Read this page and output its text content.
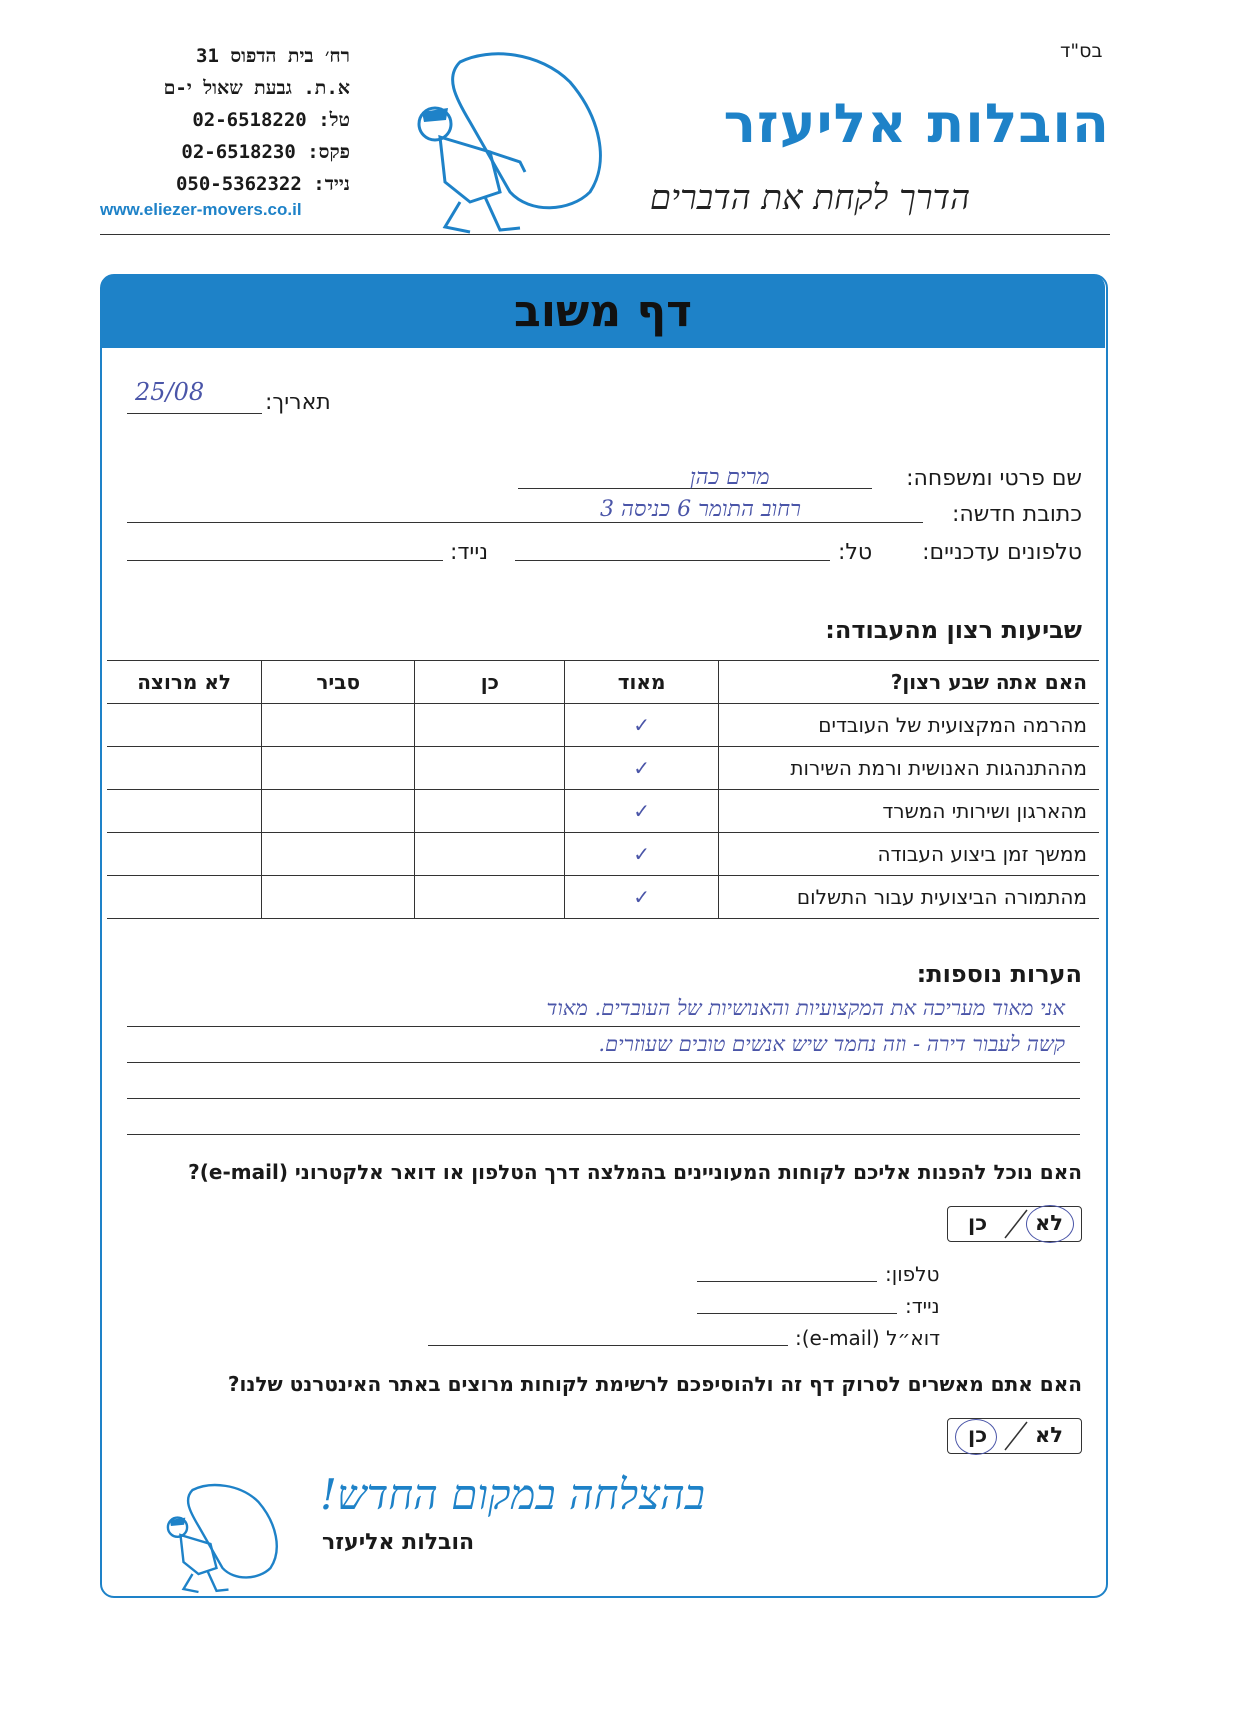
בס"ד
הובלות אליעזר
הדרך לקחת את הדברים
רח׳ בית הדפוס 31
א.ת. גבעת שאול י-ם
טל: 02-6518220
פקס: 02-6518230
נייד: 050-5362322
www.eliezer-movers.co.il
דף משוב
תאריך:
25/08
שם פרטי ומשפחה:
מרים כהן
כתובת חדשה:
רחוב התומר 6 כניסה 3
טלפונים עדכניים:
טל:
נייד:
שביעות רצון מהעבודה:
האם אתה שבע רצון?	מאוד	כן	סביר	לא מרוצה
מהרמה המקצועית של העובדים	✓			
מההתנהגות האנושית ורמת השירות	✓			
מהארגון ושירותי המשרד	✓			
ממשך זמן ביצוע העבודה	✓			
מהתמורה הביצועית עבור התשלום	✓			
הערות נוספות:
אני מאוד מעריכה את המקצועיות והאנושיות של העובדים. מאוד
קשה לעבור דירה - וזה נחמד שיש אנשים טובים שעוזרים.
האם נוכל להפנות אליכם לקוחות המעוניינים בהמלצה דרך הטלפון או דואר אלקטרוני (e-mail)?
לא
כן
טלפון:
נייד:
דוא״ל (e-mail):
האם אתם מאשרים לסרוק דף זה ולהוסיפכם לרשימת לקוחות מרוצים באתר האינטרנט שלנו?
לא
כן
בהצלחה במקום החדש!
הובלות אליעזר
